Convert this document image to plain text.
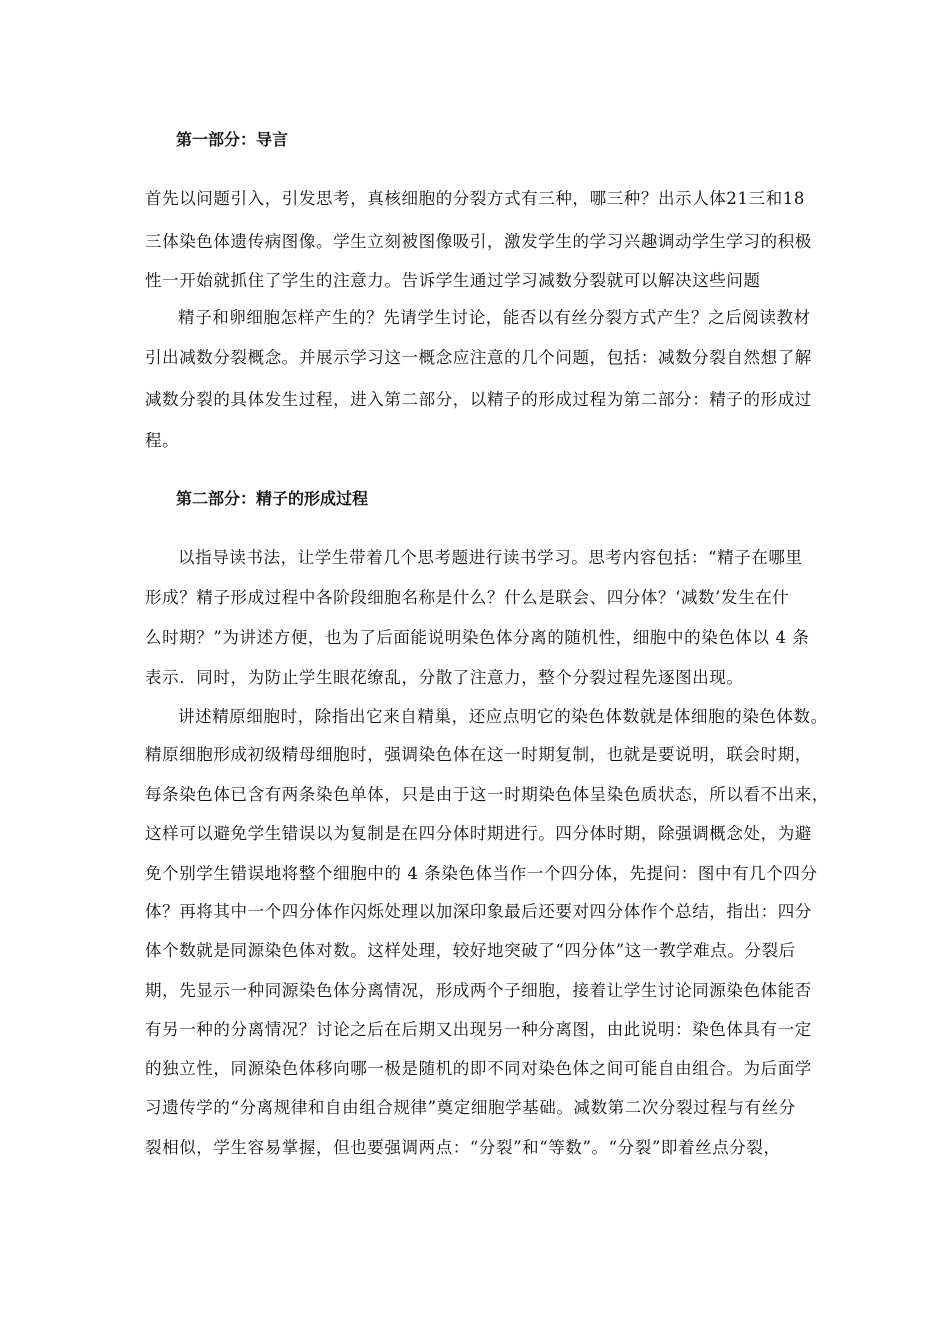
第一部分：导言
首先以问题引入，引发思考，真核细胞的分裂方式有三种，哪三种？出示人体21三和18
三体染色体遗传病图像。学生立刻被图像吸引，激发学生的学习兴趣调动学生学习的积极
性一开始就抓住了学生的注意力。告诉学生通过学习减数分裂就可以解决这些问题
精子和卵细胞怎样产生的？先请学生讨论，能否以有丝分裂方式产生？之后阅读教材
引出减数分裂概念。并展示学习这一概念应注意的几个问题，包括：减数分裂自然想了解
减数分裂的具体发生过程，进入第二部分，以精子的形成过程为第二部分：精子的形成过
程。
第二部分：精子的形成过程
以指导读书法，让学生带着几个思考题进行读书学习。思考内容包括：“精子在哪里
形成？精子形成过程中各阶段细胞名称是什么？什么是联会、四分体？‘减数’发生在什
么时期？”为讲述方便，也为了后面能说明染色体分离的随机性，细胞中的染色体以 4 条
表示．同时，为防止学生眼花缭乱，分散了注意力，整个分裂过程先逐图出现。
讲述精原细胞时，除指出它来自精巢，还应点明它的染色体数就是体细胞的染色体数。
精原细胞形成初级精母细胞时，强调染色体在这一时期复制，也就是要说明，联会时期，
每条染色体已含有两条染色单体，只是由于这一时期染色体呈染色质状态，所以看不出来，
这样可以避免学生错误以为复制是在四分体时期进行。四分体时期，除强调概念处，为避
免个别学生错误地将整个细胞中的 4 条染色体当作一个四分体，先提问：图中有几个四分
体？再将其中一个四分体作闪烁处理以加深印象最后还要对四分体作个总结，指出：四分
体个数就是同源染色体对数。这样处理，较好地突破了“四分体”这一教学难点。分裂后
期，先显示一种同源染色体分离情况，形成两个子细胞，接着让学生讨论同源染色体能否
有另一种的分离情况？讨论之后在后期又出现另一种分离图，由此说明：染色体具有一定
的独立性，同源染色体移向哪一极是随机的即不同对染色体之间可能自由组合。为后面学
习遗传学的“分离规律和自由组合规律”奠定细胞学基础。减数第二次分裂过程与有丝分
裂相似，学生容易掌握，但也要强调两点：“分裂”和“等数”。“分裂”即着丝点分裂，
